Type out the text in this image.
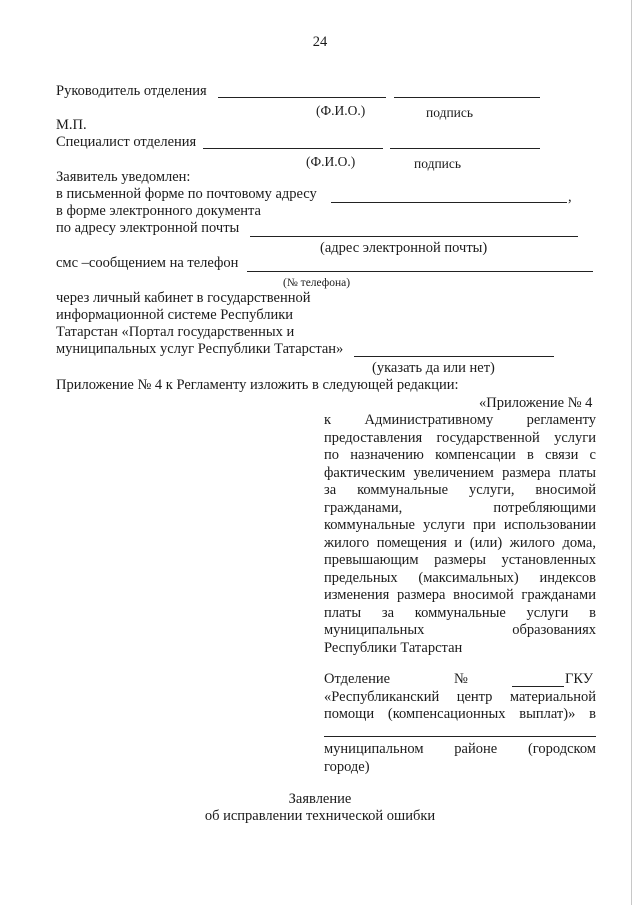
24
Руководитель отделения
(Ф.И.О.)	подпись
М.П.
Специалист отделения
(Ф.И.О.)	подпись
Заявитель уведомлен:
в письменной форме по почтовому адресу	,
в форме электронного документа
по адресу электронной почты
(адрес электронной почты)
смс –сообщением на телефон
(№ телефона)
через личный кабинет в государственной
информационной системе Республики
Татарстан «Портал государственных и
муниципальных услуг Республики Татарстан»
(указать да или нет)
Приложение № 4 к Регламенту изложить в следующей редакции:
«Приложение № 4
к Административному регламенту
предоставления государственной услуги
по назначению компенсации в связи с
фактическим увеличением размера платы
за коммунальные услуги, вносимой
гражданами, потребляющими
коммунальные услуги при использовании
жилого помещения и (или) жилого дома,
превышающим размеры установленных
предельных (максимальных) индексов
изменения размера вносимой гражданами
платы за коммунальные услуги в
муниципальных образованиях
Республики Татарстан
Отделение	№	ГКУ
«Республиканский центр материальной
помощи (компенсационных выплат)» в
муниципальном районе (городском
городе)
Заявление
об исправлении технической ошибки
